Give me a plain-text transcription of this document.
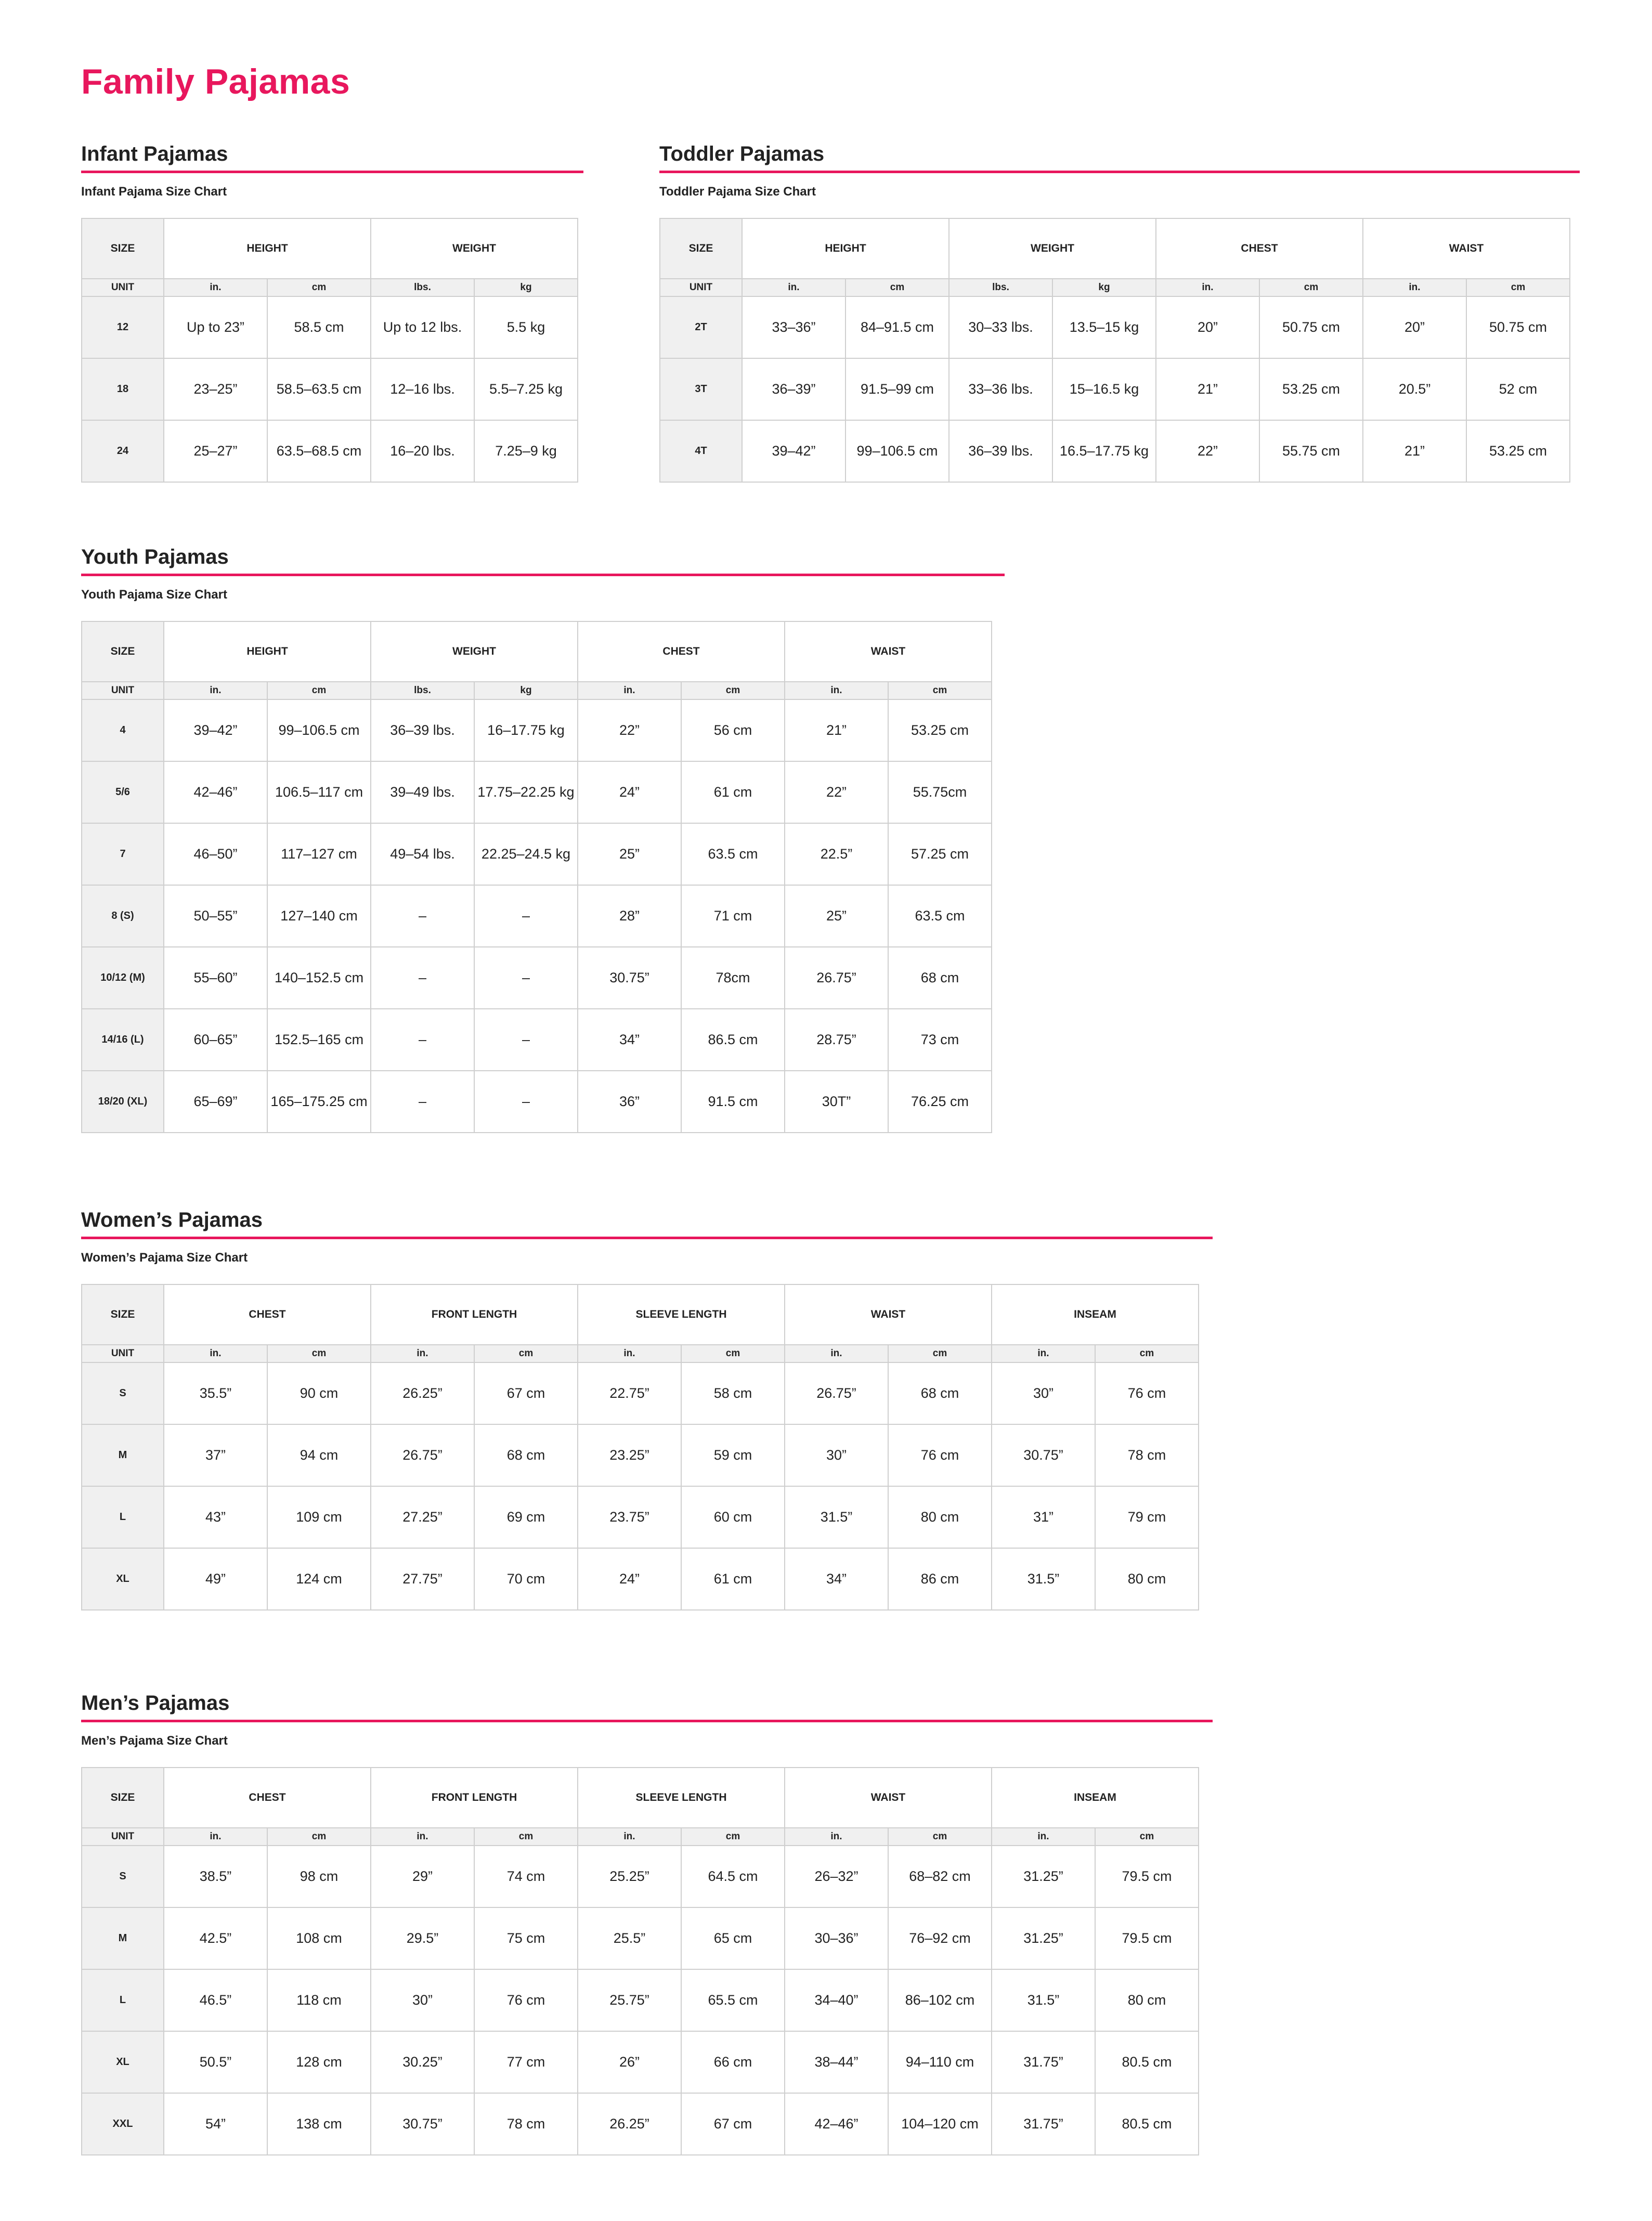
Family Pajamas
Infant Pajamas
Infant Pajama Size Chart
SIZE	HEIGHT		WEIGHT	
UNIT	in.	cm	lbs.	kg
12	Up to 23”	58.5 cm	Up to 12 lbs.	5.5 kg
18	23–25”	58.5–63.5 cm	12–16 lbs.	5.5–7.25 kg
24	25–27”	63.5–68.5 cm	16–20 lbs.	7.25–9 kg
Toddler Pajamas
Toddler Pajama Size Chart
SIZE	HEIGHT		WEIGHT		CHEST		WAIST	
UNIT	in.	cm	lbs.	kg	in.	cm	in.	cm
2T	33–36”	84–91.5 cm	30–33 lbs.	13.5–15 kg	20”	50.75 cm	20”	50.75 cm
3T	36–39”	91.5–99 cm	33–36 lbs.	15–16.5 kg	21”	53.25 cm	20.5”	52 cm
4T	39–42”	99–106.5 cm	36–39 lbs.	16.5–17.75 kg	22”	55.75 cm	21”	53.25 cm
Youth Pajamas
Youth Pajama Size Chart
SIZE	HEIGHT		WEIGHT		CHEST		WAIST	
UNIT	in.	cm	lbs.	kg	in.	cm	in.	cm
4	39–42”	99–106.5 cm	36–39 lbs.	16–17.75 kg	22”	56 cm	21”	53.25 cm
5/6	42–46”	106.5–117 cm	39–49 lbs.	17.75–22.25 kg	24”	61 cm	22”	55.75cm
7	46–50”	117–127 cm	49–54 lbs.	22.25–24.5 kg	25”	63.5 cm	22.5”	57.25 cm
8 (S)	50–55”	127–140 cm	–	–	28”	71 cm	25”	63.5 cm
10/12 (M)	55–60”	140–152.5 cm	–	–	30.75”	78cm	26.75”	68 cm
14/16 (L)	60–65”	152.5–165 cm	–	–	34”	86.5 cm	28.75”	73 cm
18/20 (XL)	65–69”	165–175.25 cm	–	–	36”	91.5 cm	30T”	76.25 cm
Women’s Pajamas
Women’s Pajama Size Chart
SIZE	CHEST		FRONT LENGTH		SLEEVE LENGTH		WAIST		INSEAM	
UNIT	in.	cm	in.	cm	in.	cm	in.	cm	in.	cm
S	35.5”	90 cm	26.25”	67 cm	22.75”	58 cm	26.75”	68 cm	30”	76 cm
M	37”	94 cm	26.75”	68 cm	23.25”	59 cm	30”	76 cm	30.75”	78 cm
L	43”	109 cm	27.25”	69 cm	23.75”	60 cm	31.5”	80 cm	31”	79 cm
XL	49”	124 cm	27.75”	70 cm	24”	61 cm	34”	86 cm	31.5”	80 cm
Men’s Pajamas
Men’s Pajama Size Chart
SIZE	CHEST		FRONT LENGTH		SLEEVE LENGTH		WAIST		INSEAM	
UNIT	in.	cm	in.	cm	in.	cm	in.	cm	in.	cm
S	38.5”	98 cm	29”	74 cm	25.25”	64.5 cm	26–32”	68–82 cm	31.25”	79.5 cm
M	42.5”	108 cm	29.5”	75 cm	25.5”	65 cm	30–36”	76–92 cm	31.25”	79.5 cm
L	46.5”	118 cm	30”	76 cm	25.75”	65.5 cm	34–40”	86–102 cm	31.5”	80 cm
XL	50.5”	128 cm	30.25”	77 cm	26”	66 cm	38–44”	94–110 cm	31.75”	80.5 cm
XXL	54”	138 cm	30.75”	78 cm	26.25”	67 cm	42–46”	104–120 cm	31.75”	80.5 cm
